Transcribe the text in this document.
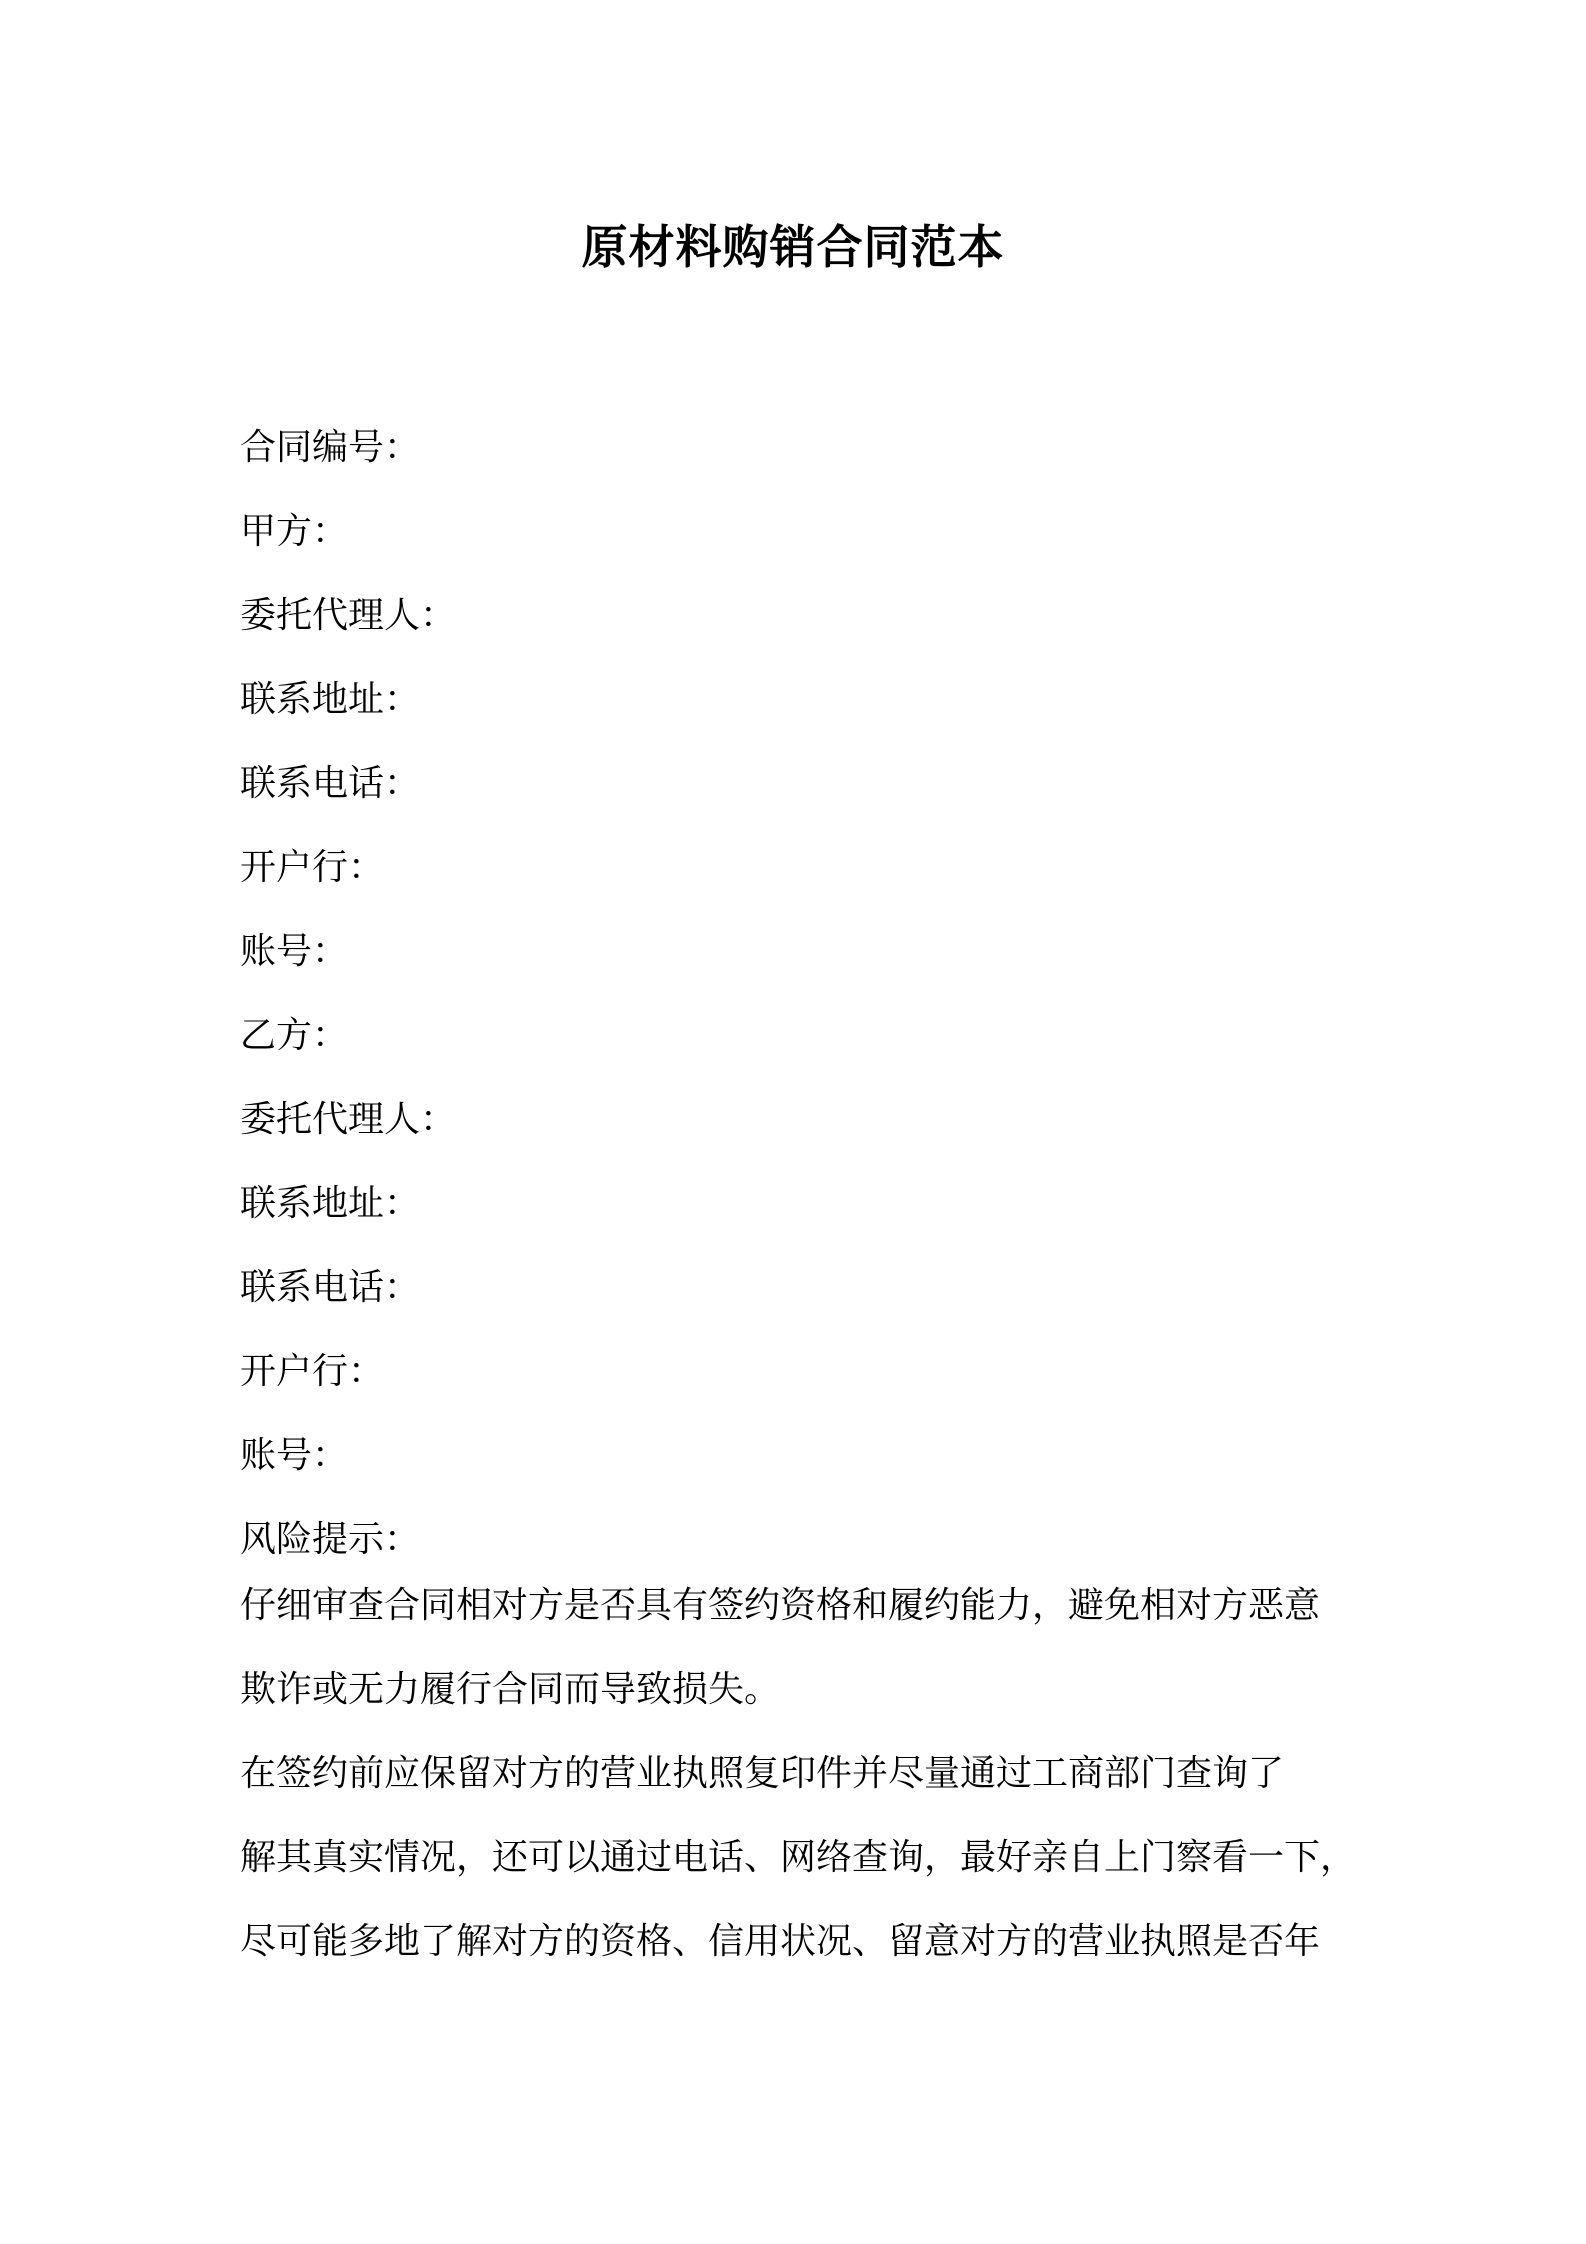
原材料购销合同范本
合同编号：
甲方：
委托代理人：
联系地址：
联系电话：
开户行：
账号：
乙方：
委托代理人：
联系地址：
联系电话：
开户行：
账号：
风险提示：

仔细审查合同相对方是否具有签约资格和履约能力，避免相对方恶意
欺诈或无力履行合同而导致损失。

在签约前应保留对方的营业执照复印件并尽量通过工商部门查询了
解其真实情况，还可以通过电话、网络查询，最好亲自上门察看一下，
尽可能多地了解对方的资格、信用状况、留意对方的营业执照是否年
